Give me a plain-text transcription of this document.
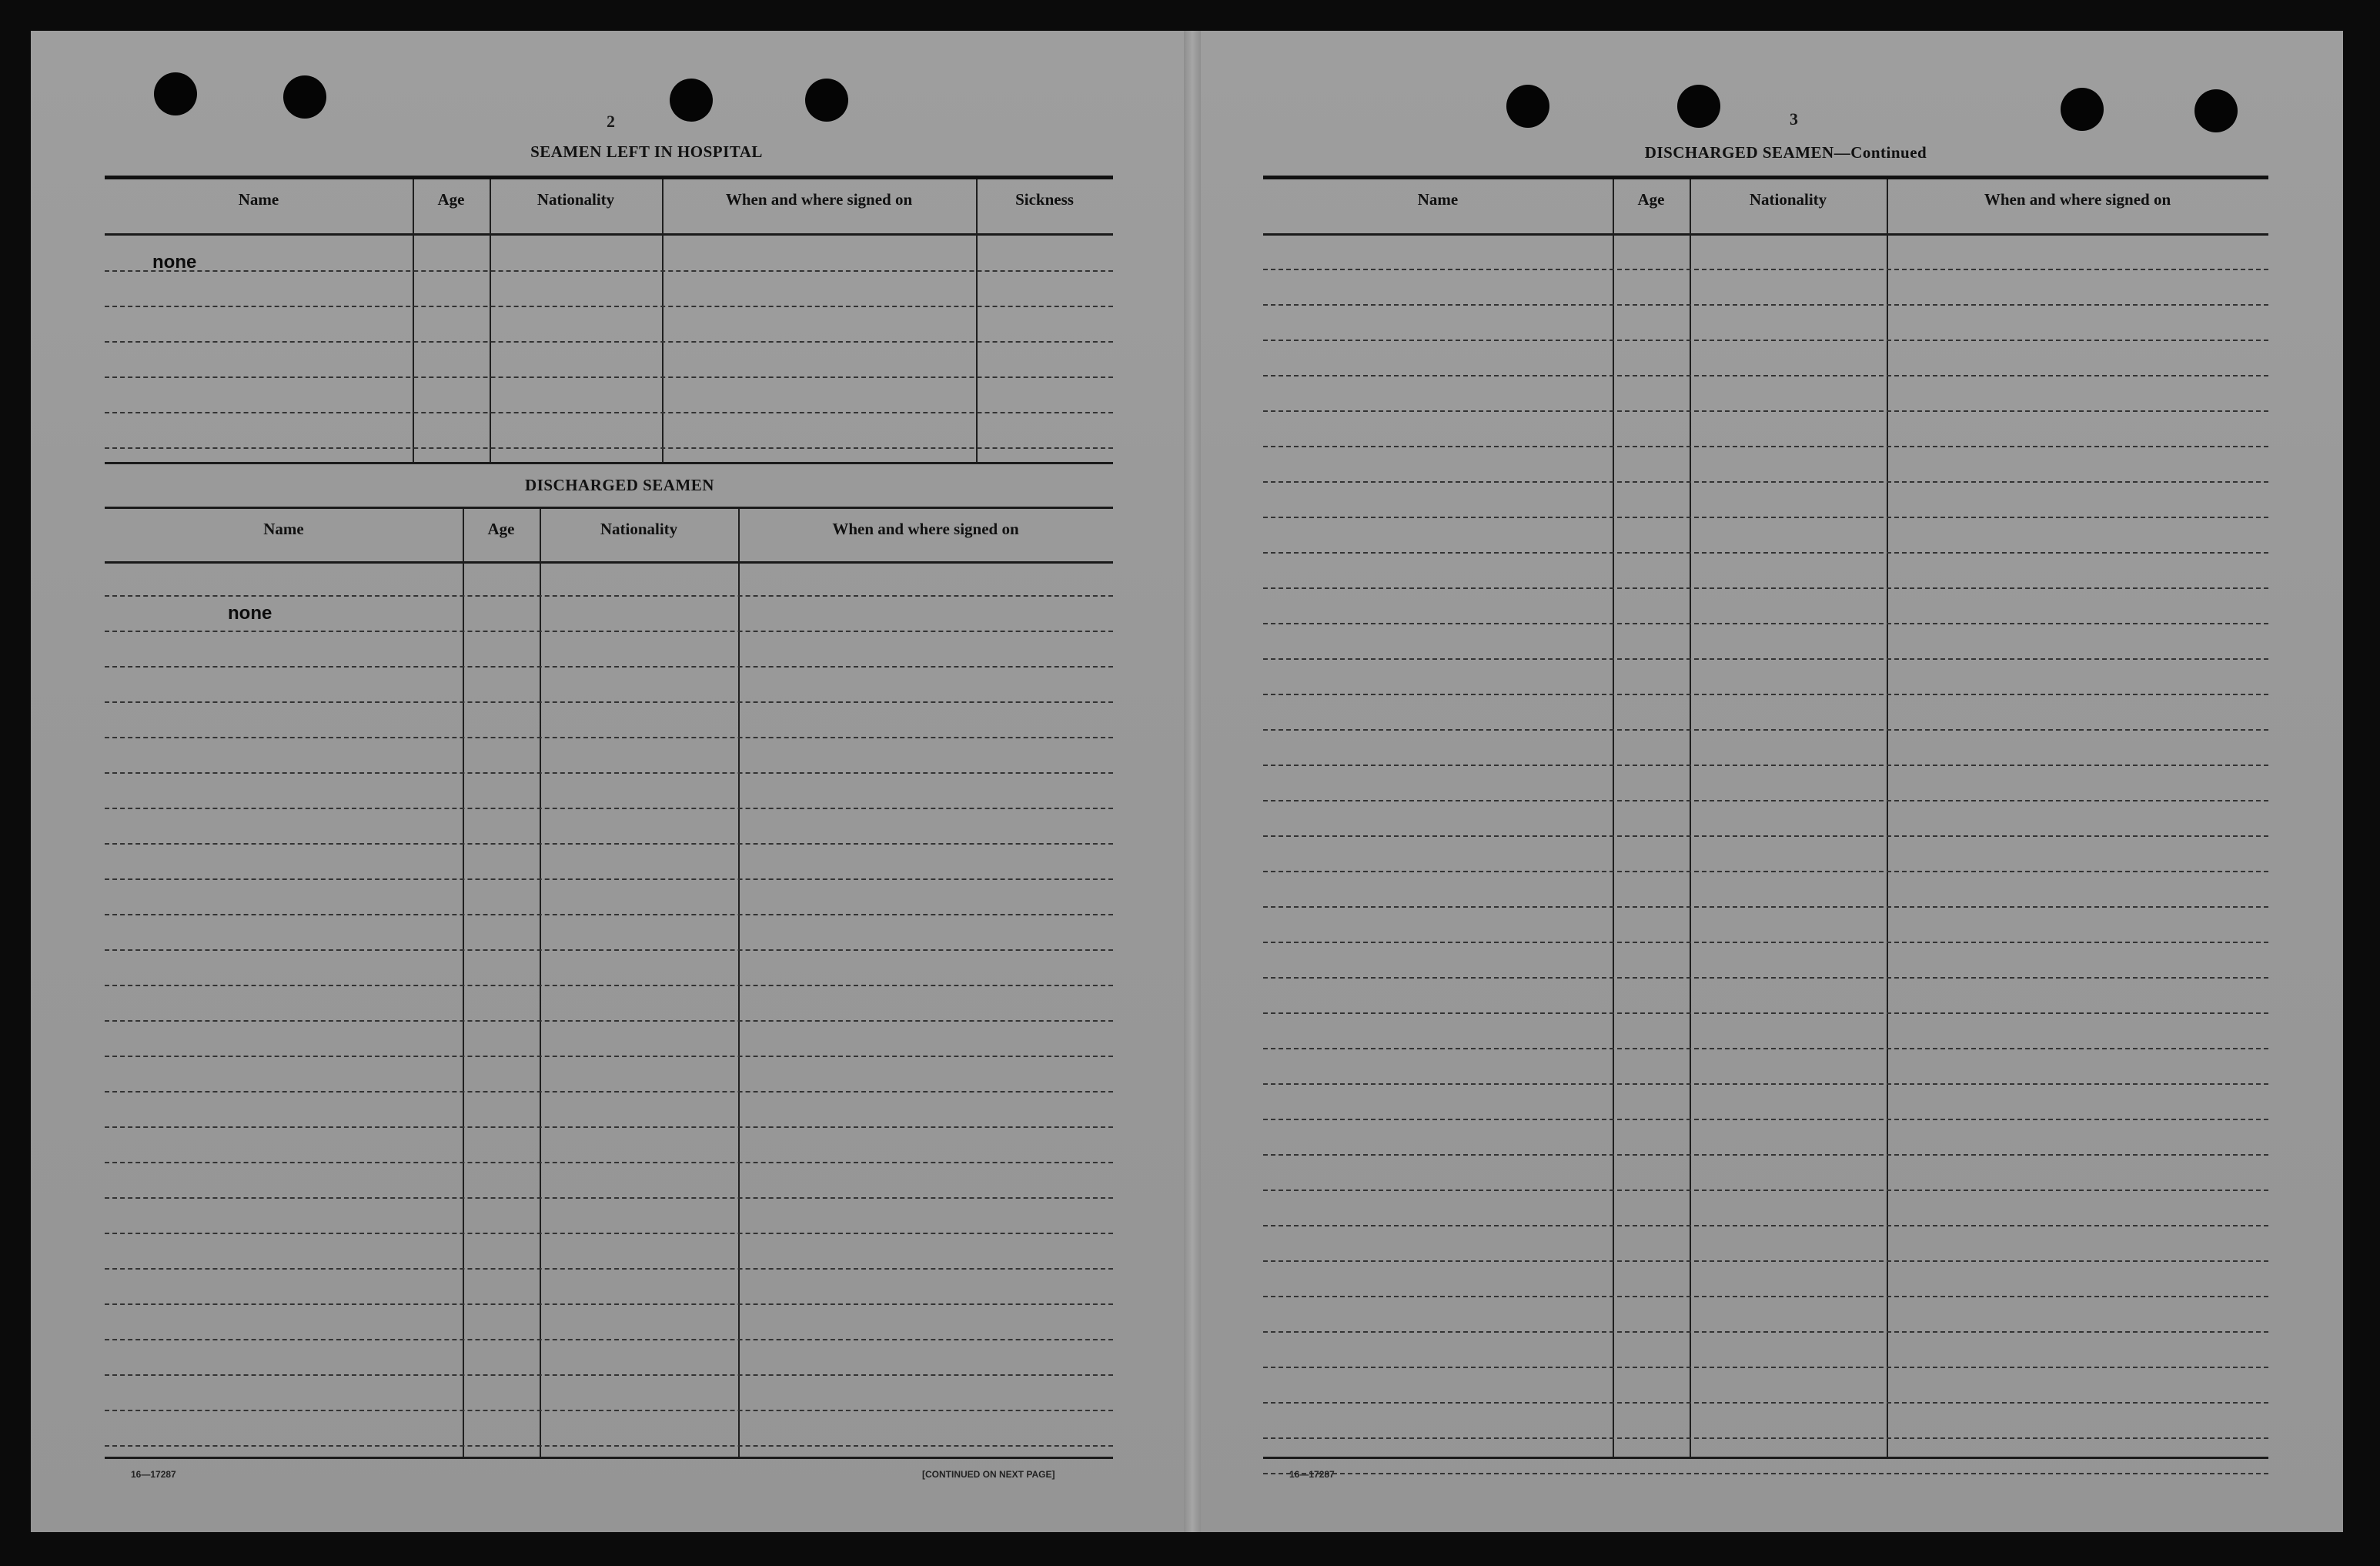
2
SEAMEN LEFT IN HOSPITAL
Name	Age	Nationality	When and where signed on	Sickness
none
DISCHARGED SEAMEN
Name	Age	Nationality	When and where signed on
none
16—17287	[CONTINUED ON NEXT PAGE]
3
DISCHARGED SEAMEN—Continued
Name	Age	Nationality	When and where signed on
16—17287
